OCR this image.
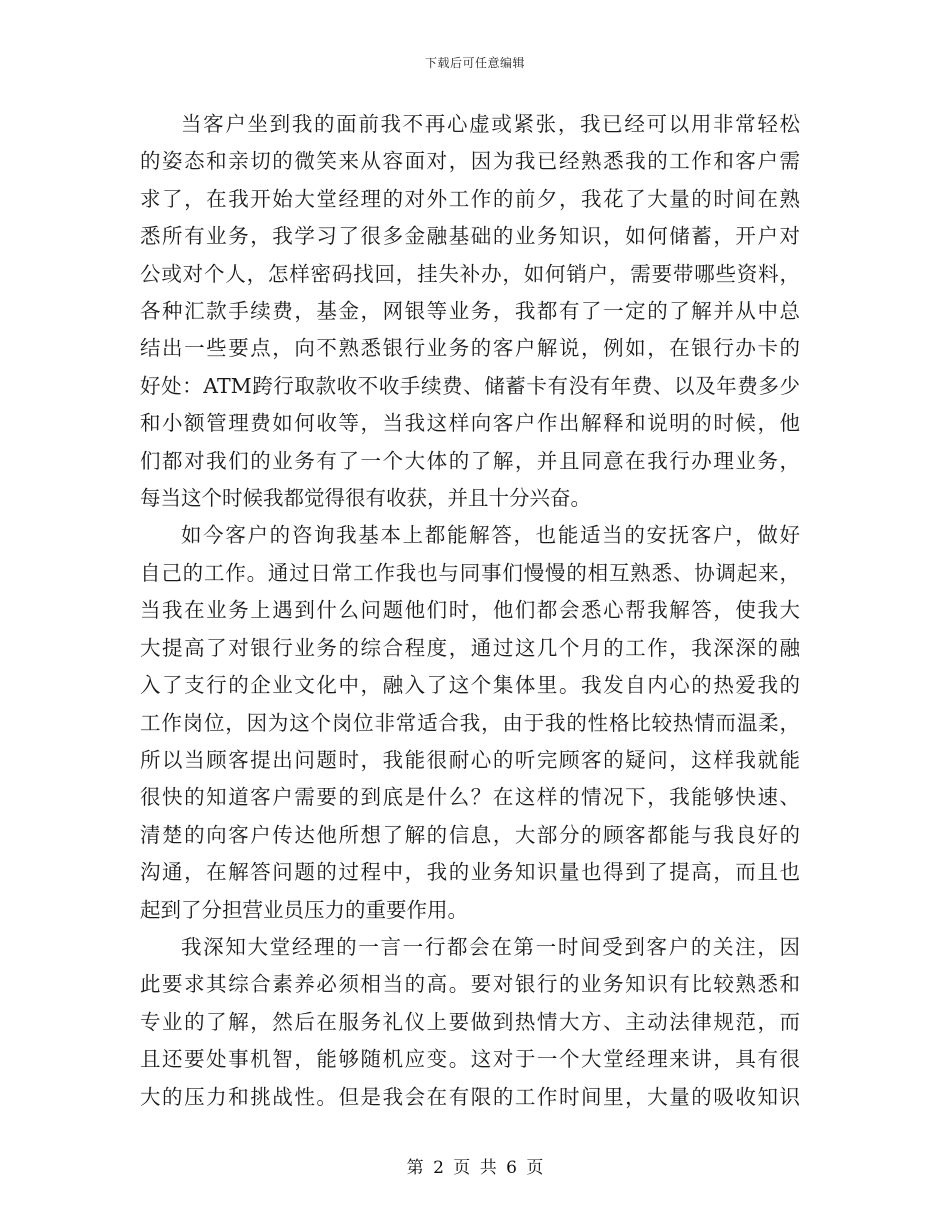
下载后可任意编辑
当客户坐到我的面前我不再心虚或紧张，我已经可以用非常轻松
的姿态和亲切的微笑来从容面对，因为我已经熟悉我的工作和客户需
求了，在我开始大堂经理的对外工作的前夕，我花了大量的时间在熟
悉所有业务，我学习了很多金融基础的业务知识，如何储蓄，开户对
公或对个人，怎样密码找回，挂失补办，如何销户，需要带哪些资料，
各种汇款手续费，基金，网银等业务，我都有了一定的了解并从中总
结出一些要点，向不熟悉银行业务的客户解说，例如，在银行办卡的
好处：ATM跨行取款收不收手续费、储蓄卡有没有年费、以及年费多少
和小额管理费如何收等，当我这样向客户作出解释和说明的时候，他
们都对我们的业务有了一个大体的了解，并且同意在我行办理业务，
每当这个时候我都觉得很有收获，并且十分兴奋。
如今客户的咨询我基本上都能解答，也能适当的安抚客户，做好
自己的工作。通过日常工作我也与同事们慢慢的相互熟悉、协调起来，
当我在业务上遇到什么问题他们时，他们都会悉心帮我解答，使我大
大提高了对银行业务的综合程度，通过这几个月的工作，我深深的融
入了支行的企业文化中，融入了这个集体里。我发自内心的热爱我的
工作岗位，因为这个岗位非常适合我，由于我的性格比较热情而温柔，
所以当顾客提出问题时，我能很耐心的听完顾客的疑问，这样我就能
很快的知道客户需要的到底是什么？在这样的情况下，我能够快速、
清楚的向客户传达他所想了解的信息，大部分的顾客都能与我良好的
沟通，在解答问题的过程中，我的业务知识量也得到了提高，而且也
起到了分担营业员压力的重要作用。
我深知大堂经理的一言一行都会在第一时间受到客户的关注，因
此要求其综合素养必须相当的高。要对银行的业务知识有比较熟悉和
专业的了解，然后在服务礼仪上要做到热情大方、主动法律规范，而
且还要处事机智，能够随机应变。这对于一个大堂经理来讲，具有很
大的压力和挑战性。但是我会在有限的工作时间里，大量的吸收知识
第 2 页 共 6 页
